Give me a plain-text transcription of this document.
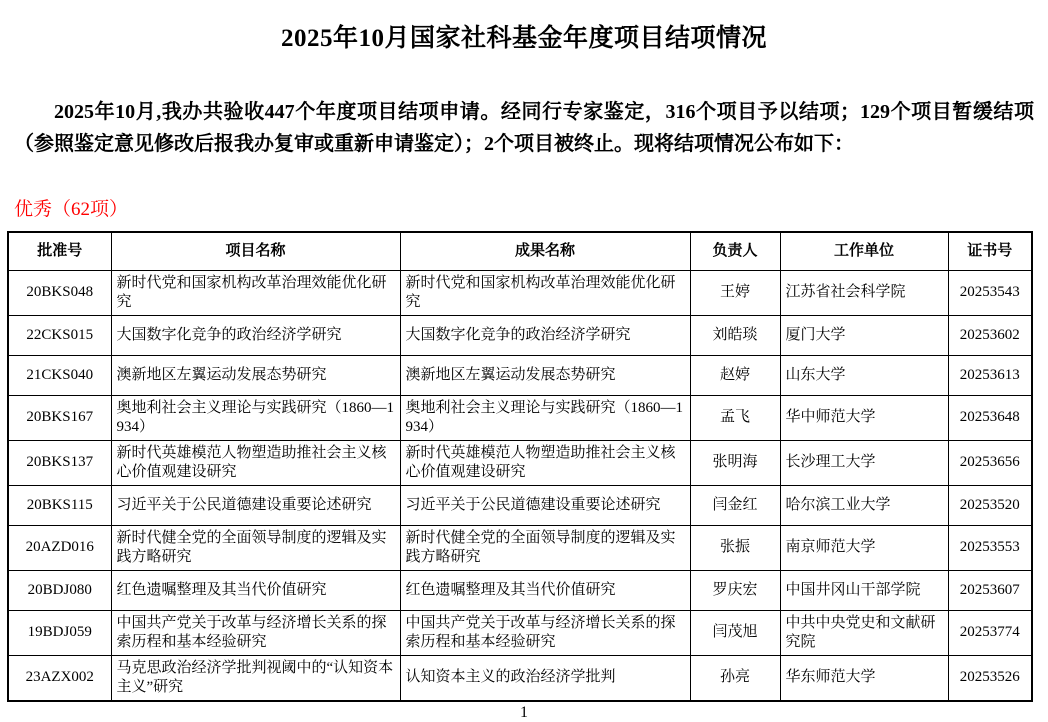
2025年10月国家社科基金年度项目结项情况

2025年10月,我办共验收447个年度项目结项申请。经同行专家鉴定，316个项目予以结项；129个项目暂缓结项（参照鉴定意见修改后报我办复审或重新申请鉴定）；2个项目被终止。现将结项情况公布如下：

优秀（62项）
批准号	项目名称	成果名称	负责人	工作单位	证书号
20BKS048	新时代党和国家机构改革治理效能优化研究	新时代党和国家机构改革治理效能优化研究	王婷	江苏省社会科学院	20253543
22CKS015	大国数字化竞争的政治经济学研究	大国数字化竞争的政治经济学研究	刘皓琰	厦门大学	20253602
21CKS040	澳新地区左翼运动发展态势研究	澳新地区左翼运动发展态势研究	赵婷	山东大学	20253613
20BKS167	奥地利社会主义理论与实践研究（1860—1934）	奥地利社会主义理论与实践研究（1860—1934）	孟飞	华中师范大学	20253648
20BKS137	新时代英雄模范人物塑造助推社会主义核心价值观建设研究	新时代英雄模范人物塑造助推社会主义核心价值观建设研究	张明海	长沙理工大学	20253656
20BKS115	习近平关于公民道德建设重要论述研究	习近平关于公民道德建设重要论述研究	闫金红	哈尔滨工业大学	20253520
20AZD016	新时代健全党的全面领导制度的逻辑及实践方略研究	新时代健全党的全面领导制度的逻辑及实践方略研究	张振	南京师范大学	20253553
20BDJ080	红色遗嘱整理及其当代价值研究	红色遗嘱整理及其当代价值研究	罗庆宏	中国井冈山干部学院	20253607
19BDJ059	中国共产党关于改革与经济增长关系的探索历程和基本经验研究	中国共产党关于改革与经济增长关系的探索历程和基本经验研究	闫茂旭	中共中央党史和文献研究院	20253774
23AZX002	马克思政治经济学批判视阈中的“认知资本主义”研究	认知资本主义的政治经济学批判	孙亮	华东师范大学	20253526
1
